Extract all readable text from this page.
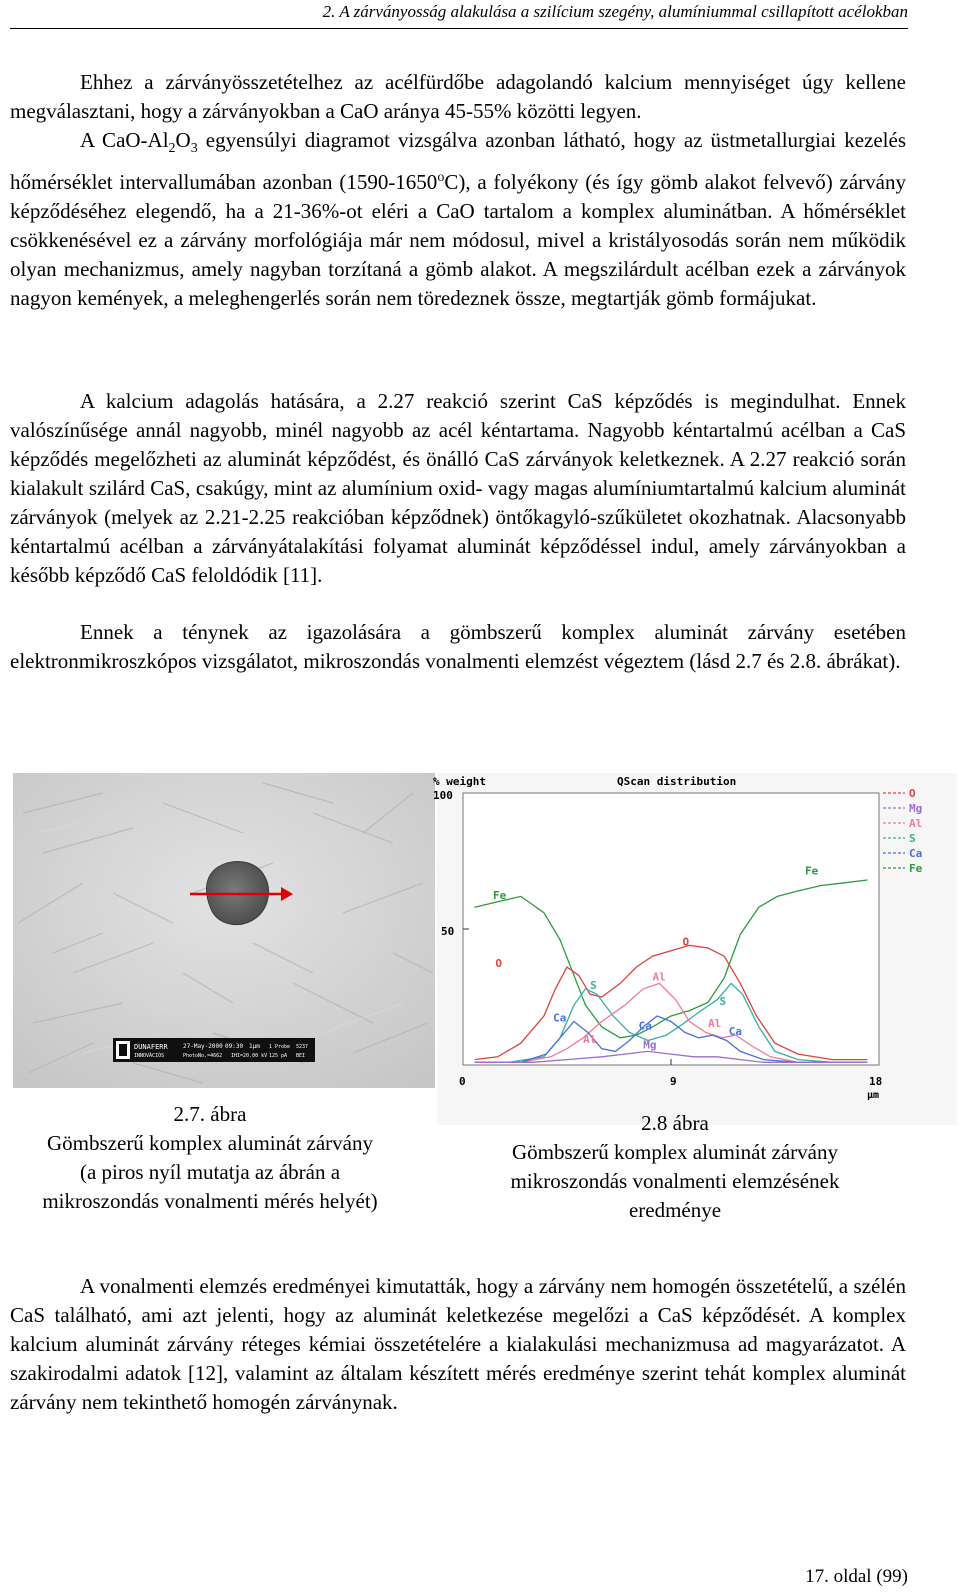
2. A zárványosság alakulása a szilícium szegény, alumíniummal csillapított acélokban

Ehhez a zárványösszetételhez az acélfürdőbe adagolandó kalcium mennyiséget úgy kellene megválasztani, hogy a zárványokban a CaO aránya 45-55% közötti legyen.

A CaO-$Al_2O_3$ egyensúlyi diagramot vizsgálva azonban látható, hogy az üstmetallurgiai kezelés hőmérséklet intervallumában azonban (1590-1650$^o$C), a folyékony (és így gömb alakot felvevő) zárvány képződéséhez elegendő, ha a 21-36%-ot eléri a CaO tartalom a komplex aluminátban. A hőmérséklet csökkenésével ez a zárvány morfológiája már nem módosul, mivel a kristályosodás során nem működik olyan mechanizmus, amely nagyban torzítaná a gömb alakot. A megszilárdult acélban ezek a zárványok nagyon kemények, a meleghengerlés során nem töredeznek össze, megtartják gömb formájukat.

A kalcium adagolás hatására, a 2.27 reakció szerint CaS képződés is megindulhat. Ennek valószínűsége annál nagyobb, minél nagyobb az acél kéntartama. Nagyobb kéntartalmú acélban a CaS képződés megelőzheti az aluminát képződést, és önálló CaS zárványok keletkeznek. A 2.27 reakció során kialakult szilárd CaS, csakúgy, mint az alumínium oxid- vagy magas alumíniumtartalmú kalcium aluminát zárványok (melyek az 2.21-2.25 reakcióban képződnek) öntőkagyló-szűkületet okozhatnak. Alacsonyabb kéntartalmú acélban a zárványátalakítási folyamat aluminát képződéssel indul, amely zárványokban a később képződő CaS feloldódik [11].

Ennek a ténynek az igazolására a gömbszerű komplex aluminát zárvány esetében elektronmikroszkópos vizsgálatot, mikroszondás vonalmenti elemzést végeztem (lásd 2.7 és 2.8. ábrákat).

DUNAFERR
INNOVÁCIÓS
27-May-2000
PhotoNo.=4662
09:30 1μm
IHI=20.00 kV
1 Probe
125 pA
5237
BEI
% weight	QScan distribution
100
50
0	9	18
μm
Fe
O
S
Al
Ca
Mg
Ca	Ca
Al
Al
S
O
Fe
O
Mg
Al
S
Ca
Fe
2.7. ábra
Gömbszerű komplex aluminát zárvány
(a piros nyíl mutatja az ábrán a
mikroszondás vonalmenti mérés helyét)
2.8 ábra
Gömbszerű komplex aluminát zárvány
mikroszondás vonalmenti elemzésének
eredménye

A vonalmenti elemzés eredményei kimutatták, hogy a zárvány nem homogén összetételű, a szélén CaS található, ami azt jelenti, hogy az aluminát keletkezése megelőzi a CaS képződését. A komplex kalcium aluminát zárvány réteges kémiai összetételére a kialakulási mechanizmusa ad magyarázatot. A szakirodalmi adatok [12], valamint az általam készített mérés eredménye szerint tehát komplex aluminát zárvány nem tekinthető homogén zárványnak.

17. oldal (99)
